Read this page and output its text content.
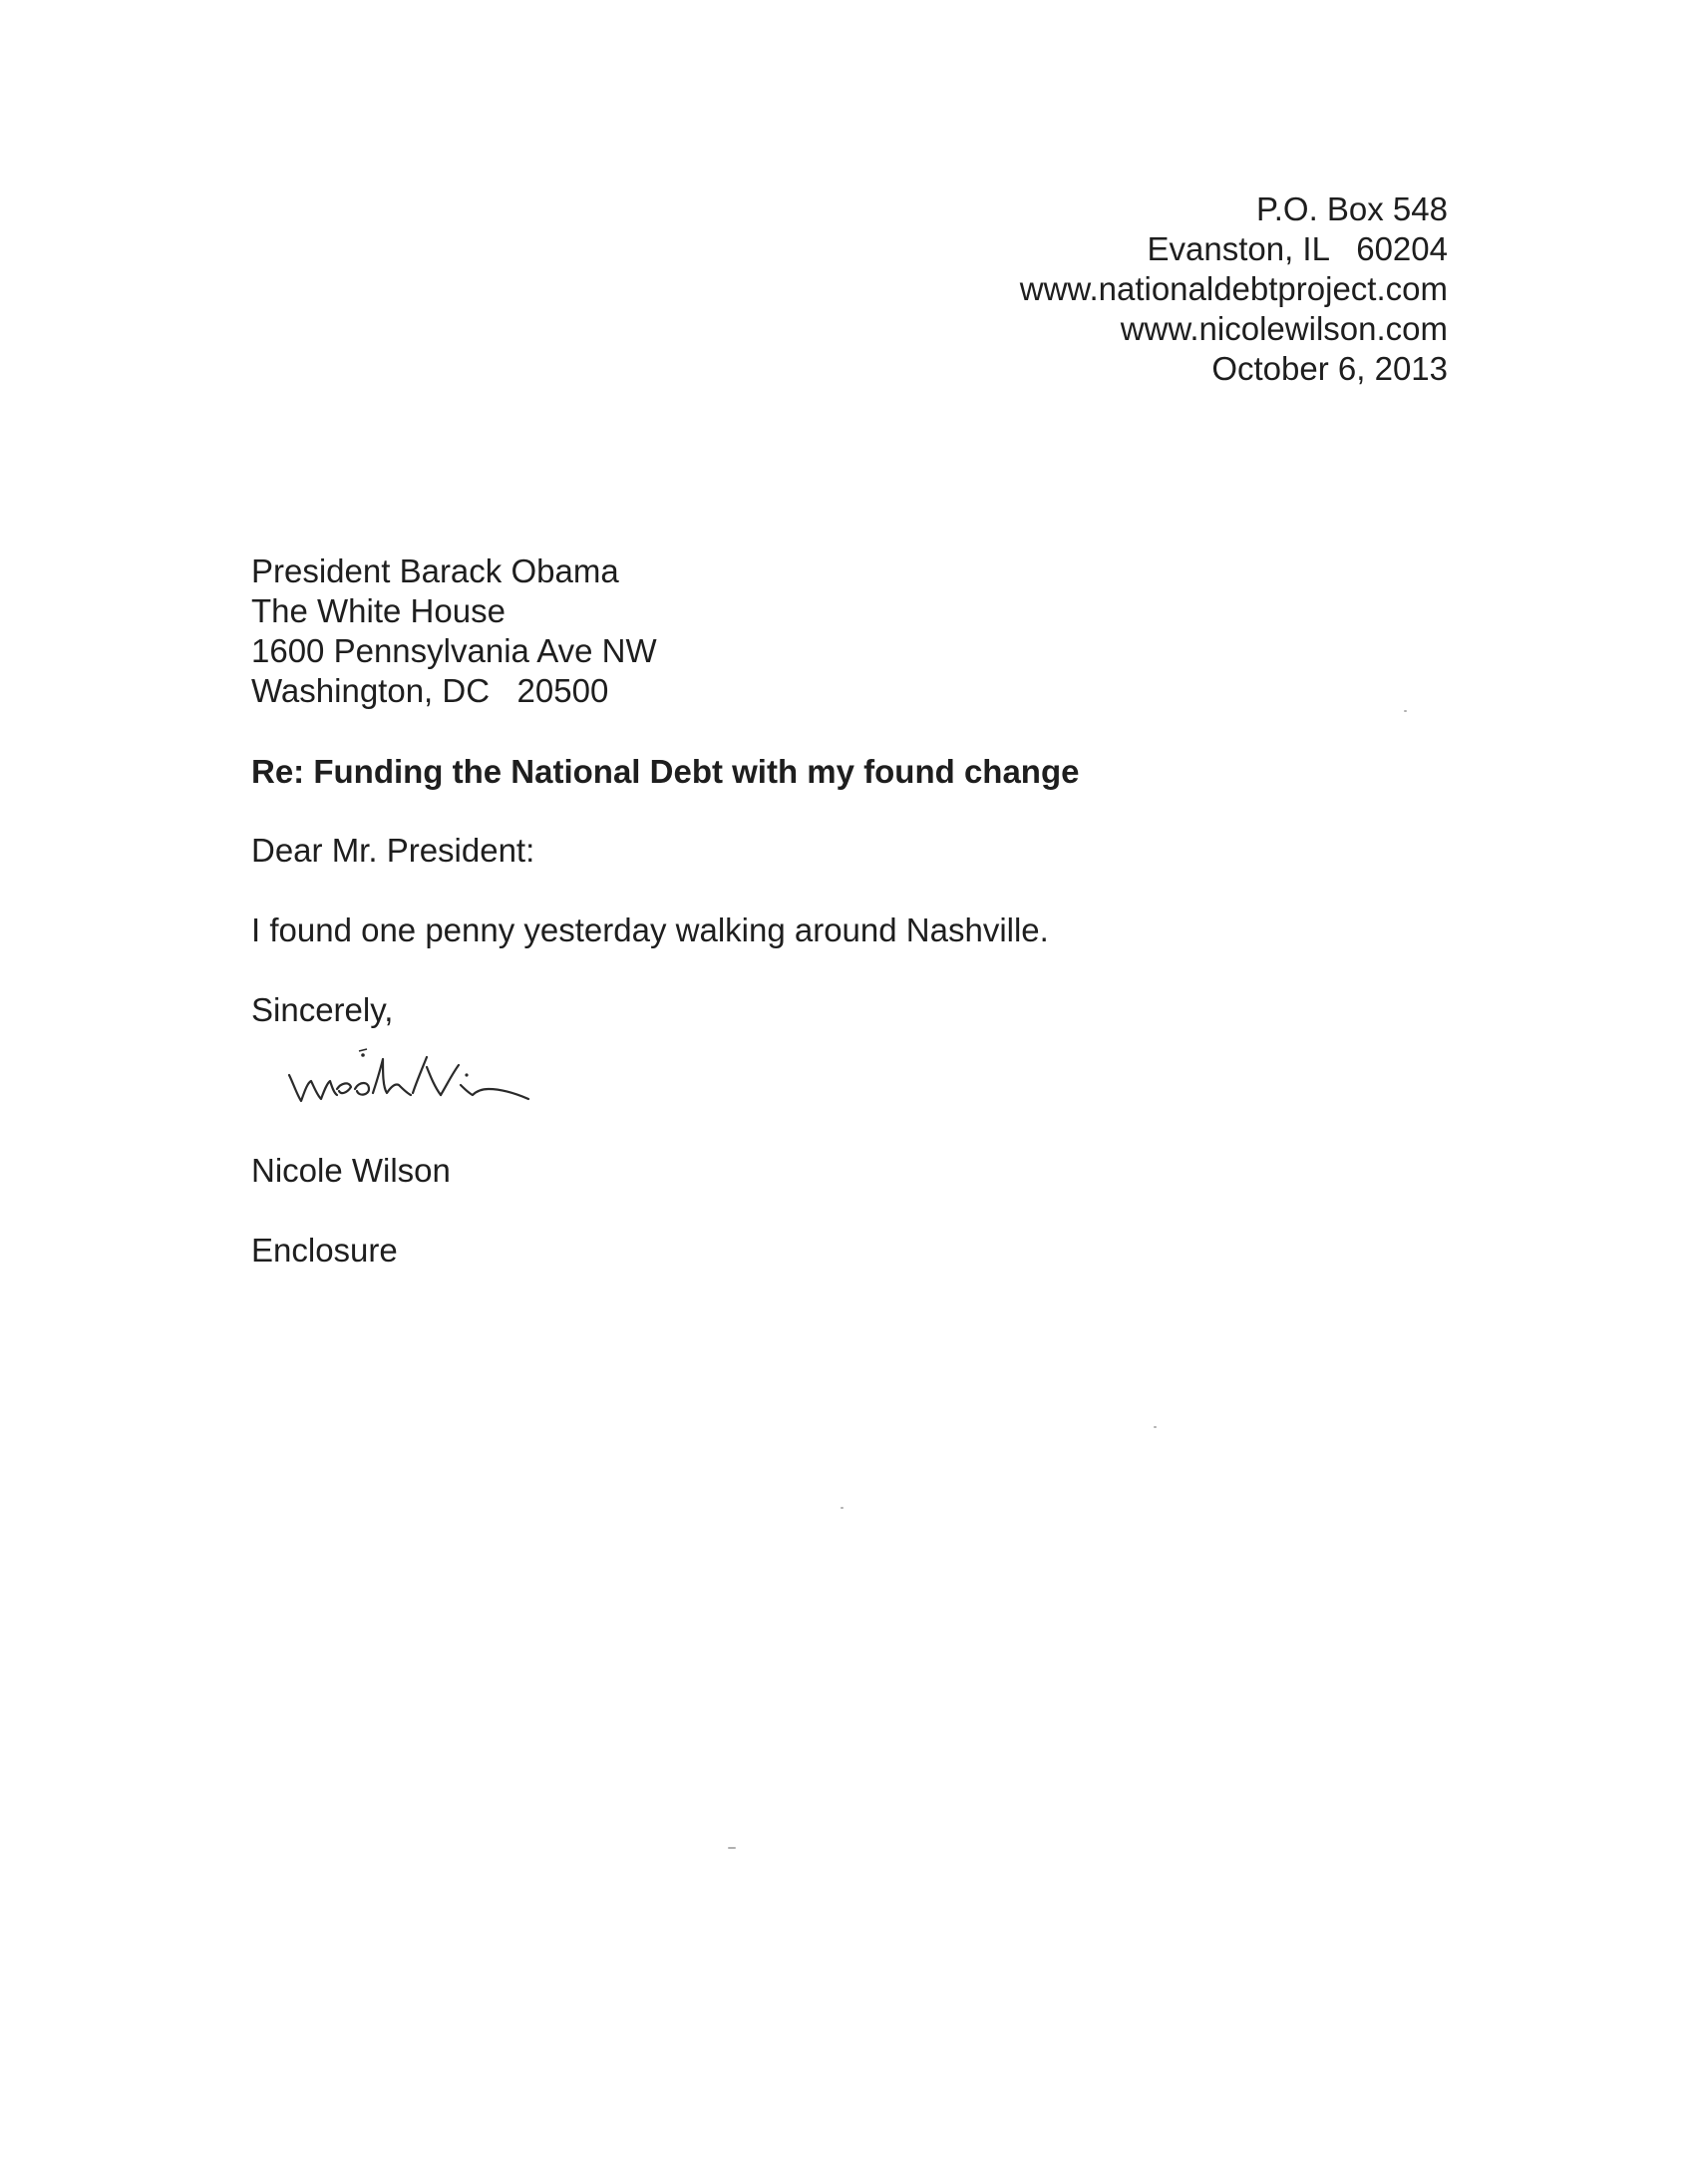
P.O. Box 548
Evanston, IL   60204
www.nationaldebtproject.com
www.nicolewilson.com
October 6, 2013
President Barack Obama
The White House
1600 Pennsylvania Ave NW
Washington, DC   20500
Re: Funding the National Debt with my found change
Dear Mr. President:
I found one penny yesterday walking around Nashville.
Sincerely,
Nicole Wilson
Enclosure
